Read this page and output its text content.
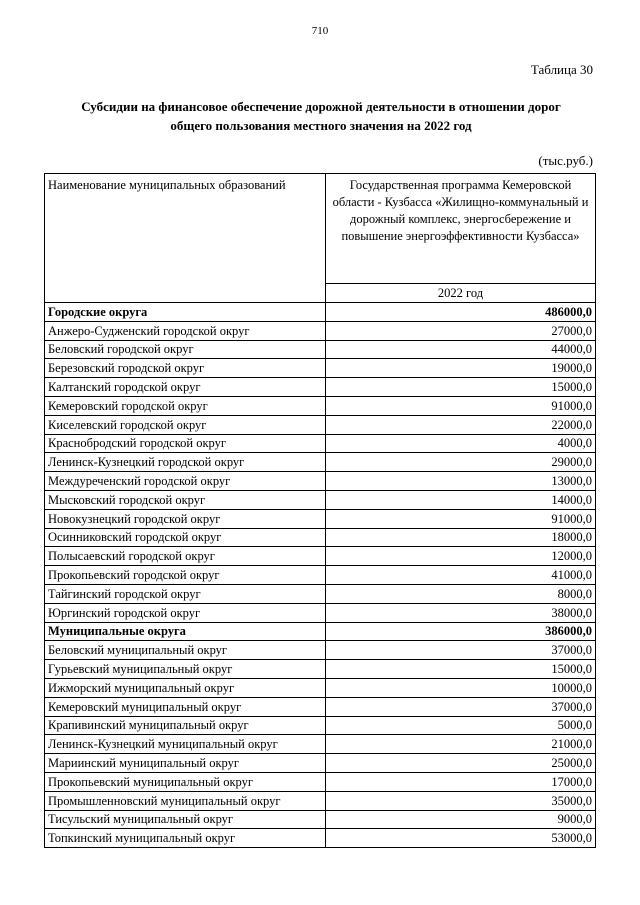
710
Таблица 30
Субсидии на финансовое обеспечение дорожной деятельности в отношении дорог
общего пользования местного значения на 2022 год
(тыс.руб.)
Наименование муниципальных образований	Государственная программа Кемеровской области - Кузбасса «Жилищно-коммунальный и дорожный комплекс, энергосбережение и повышение энергоэффективности Кузбасса»
	2022 год
Городские округа	486000,0
Анжеро-Судженский городской округ	27000,0
Беловский городской округ	44000,0
Березовский городской округ	19000,0
Калтанский городской округ	15000,0
Кемеровский городской округ	91000,0
Киселевский городской округ	22000,0
Краснобродский городской округ	4000,0
Ленинск-Кузнецкий городской округ	29000,0
Междуреченский городской округ	13000,0
Мысковский городской округ	14000,0
Новокузнецкий городской округ	91000,0
Осинниковский городской округ	18000,0
Полысаевский городской округ	12000,0
Прокопьевский городской округ	41000,0
Тайгинский городской округ	8000,0
Юргинский городской округ	38000,0
Муниципальные округа	386000,0
Беловский муниципальный округ	37000,0
Гурьевский муниципальный округ	15000,0
Ижморский муниципальный округ	10000,0
Кемеровский муниципальный округ	37000,0
Крапивинский муниципальный округ	5000,0
Ленинск-Кузнецкий муниципальный округ	21000,0
Мариинский муниципальный округ	25000,0
Прокопьевский муниципальный округ	17000,0
Промышленновский муниципальный округ	35000,0
Тисульский муниципальный округ	9000,0
Топкинский муниципальный округ	53000,0
